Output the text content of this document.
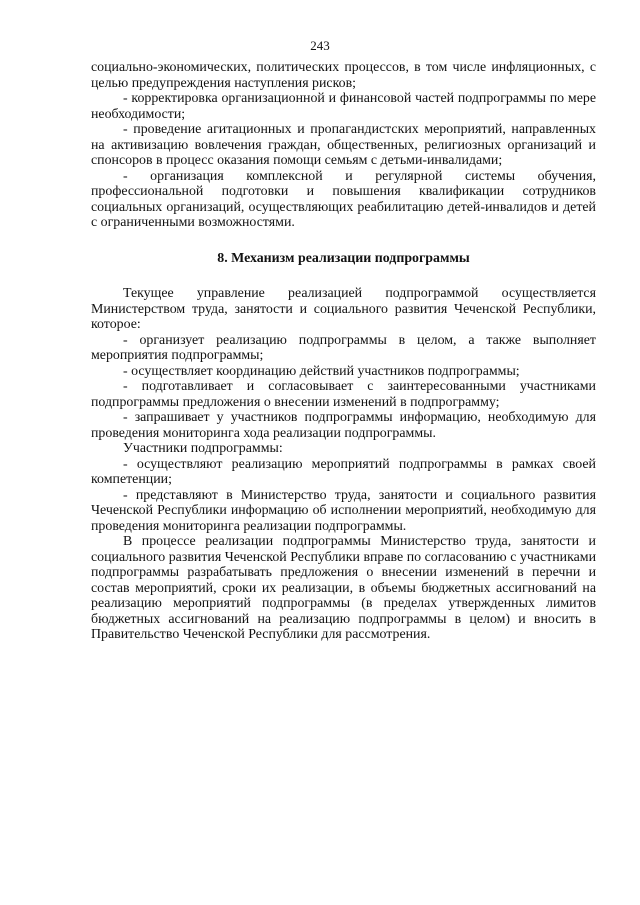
243

социально-экономических, политических процессов, в том числе инфляционных, с целью предупреждения наступления рисков;

- корректировка организационной и финансовой частей подпрограммы по мере необходимости;

- проведение агитационных и пропагандистских мероприятий, направленных на активизацию вовлечения граждан, общественных, религиозных организаций и спонсоров в процесс оказания помощи семьям с детьми-инвалидами;

- организация комплексной и регулярной системы обучения, профессиональной подготовки и повышения квалификации сотрудников социальных организаций, осуществляющих реабилитацию детей-инвалидов и детей с ограниченными возможностями.

8. Механизм реализации подпрограммы

Текущее управление реализацией подпрограммой осуществляется Министерством труда, занятости и социального развития Чеченской Республики, которое:

- организует реализацию подпрограммы в целом, а также выполняет мероприятия подпрограммы;

- осуществляет координацию действий участников подпрограммы;

- подготавливает и согласовывает с заинтересованными участниками подпрограммы предложения о внесении изменений в подпрограмму;

- запрашивает у участников подпрограммы информацию, необходимую для проведения мониторинга хода реализации подпрограммы.

Участники подпрограммы:

- осуществляют реализацию мероприятий подпрограммы в рамках своей компетенции;

- представляют в Министерство труда, занятости и социального развития Чеченской Республики информацию об исполнении мероприятий, необходимую для проведения мониторинга реализации подпрограммы.

В процессе реализации подпрограммы Министерство труда, занятости и социального развития Чеченской Республики вправе по согласованию с участниками подпрограммы разрабатывать предложения о внесении изменений в перечни и состав мероприятий, сроки их реализации, в объемы бюджетных ассигнований на реализацию мероприятий подпрограммы (в пределах утвержденных лимитов бюджетных ассигнований на реализацию подпрограммы в целом) и вносить в Правительство Чеченской Республики для рассмотрения.
